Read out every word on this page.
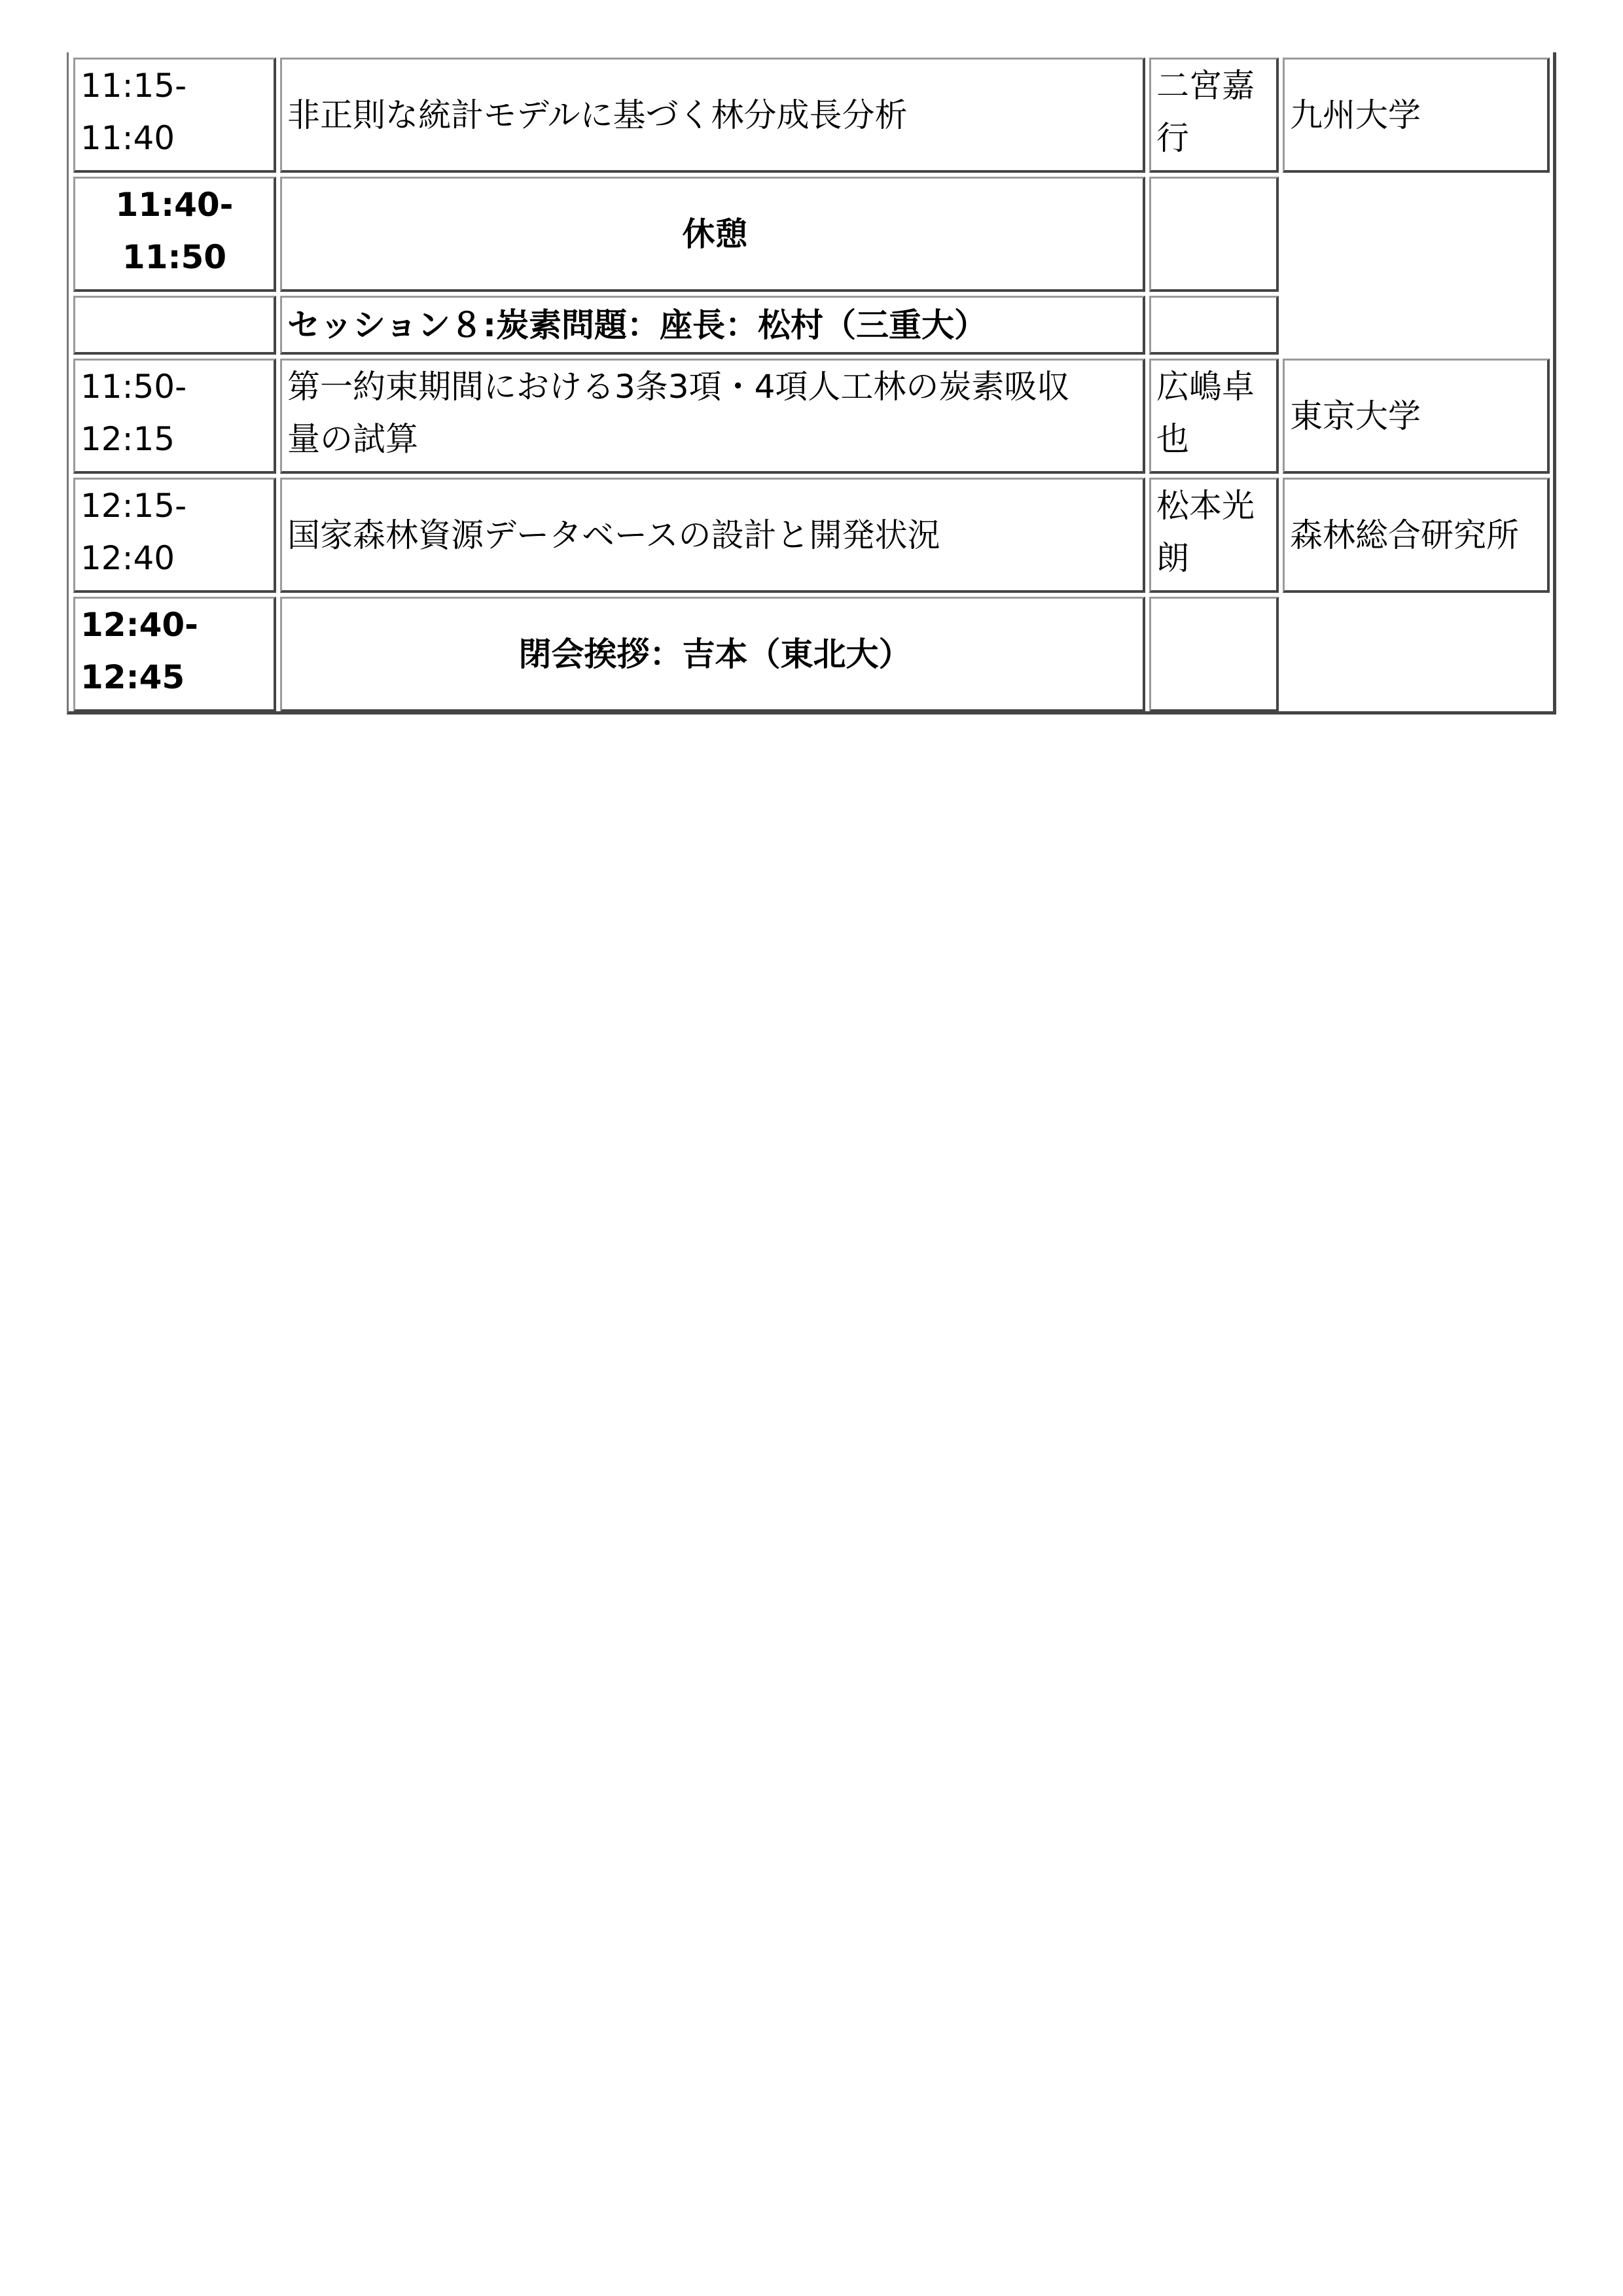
11:15-
11:40
非正則な統計モデルに基づく林分成長分析
二宮嘉
行
九州大学
11:40-
11:50
休憩
セッション８:炭素問題：座長：松村（三重大）
11:50-
12:15
第一約束期間における3条3項・4項人工林の炭素吸収
量の試算
広嶋卓
也
東京大学
12:15-
12:40
国家森林資源データベースの設計と開発状況
松本光
朗
森林総合研究所
12:40-
12:45
閉会挨拶：吉本（東北大）
